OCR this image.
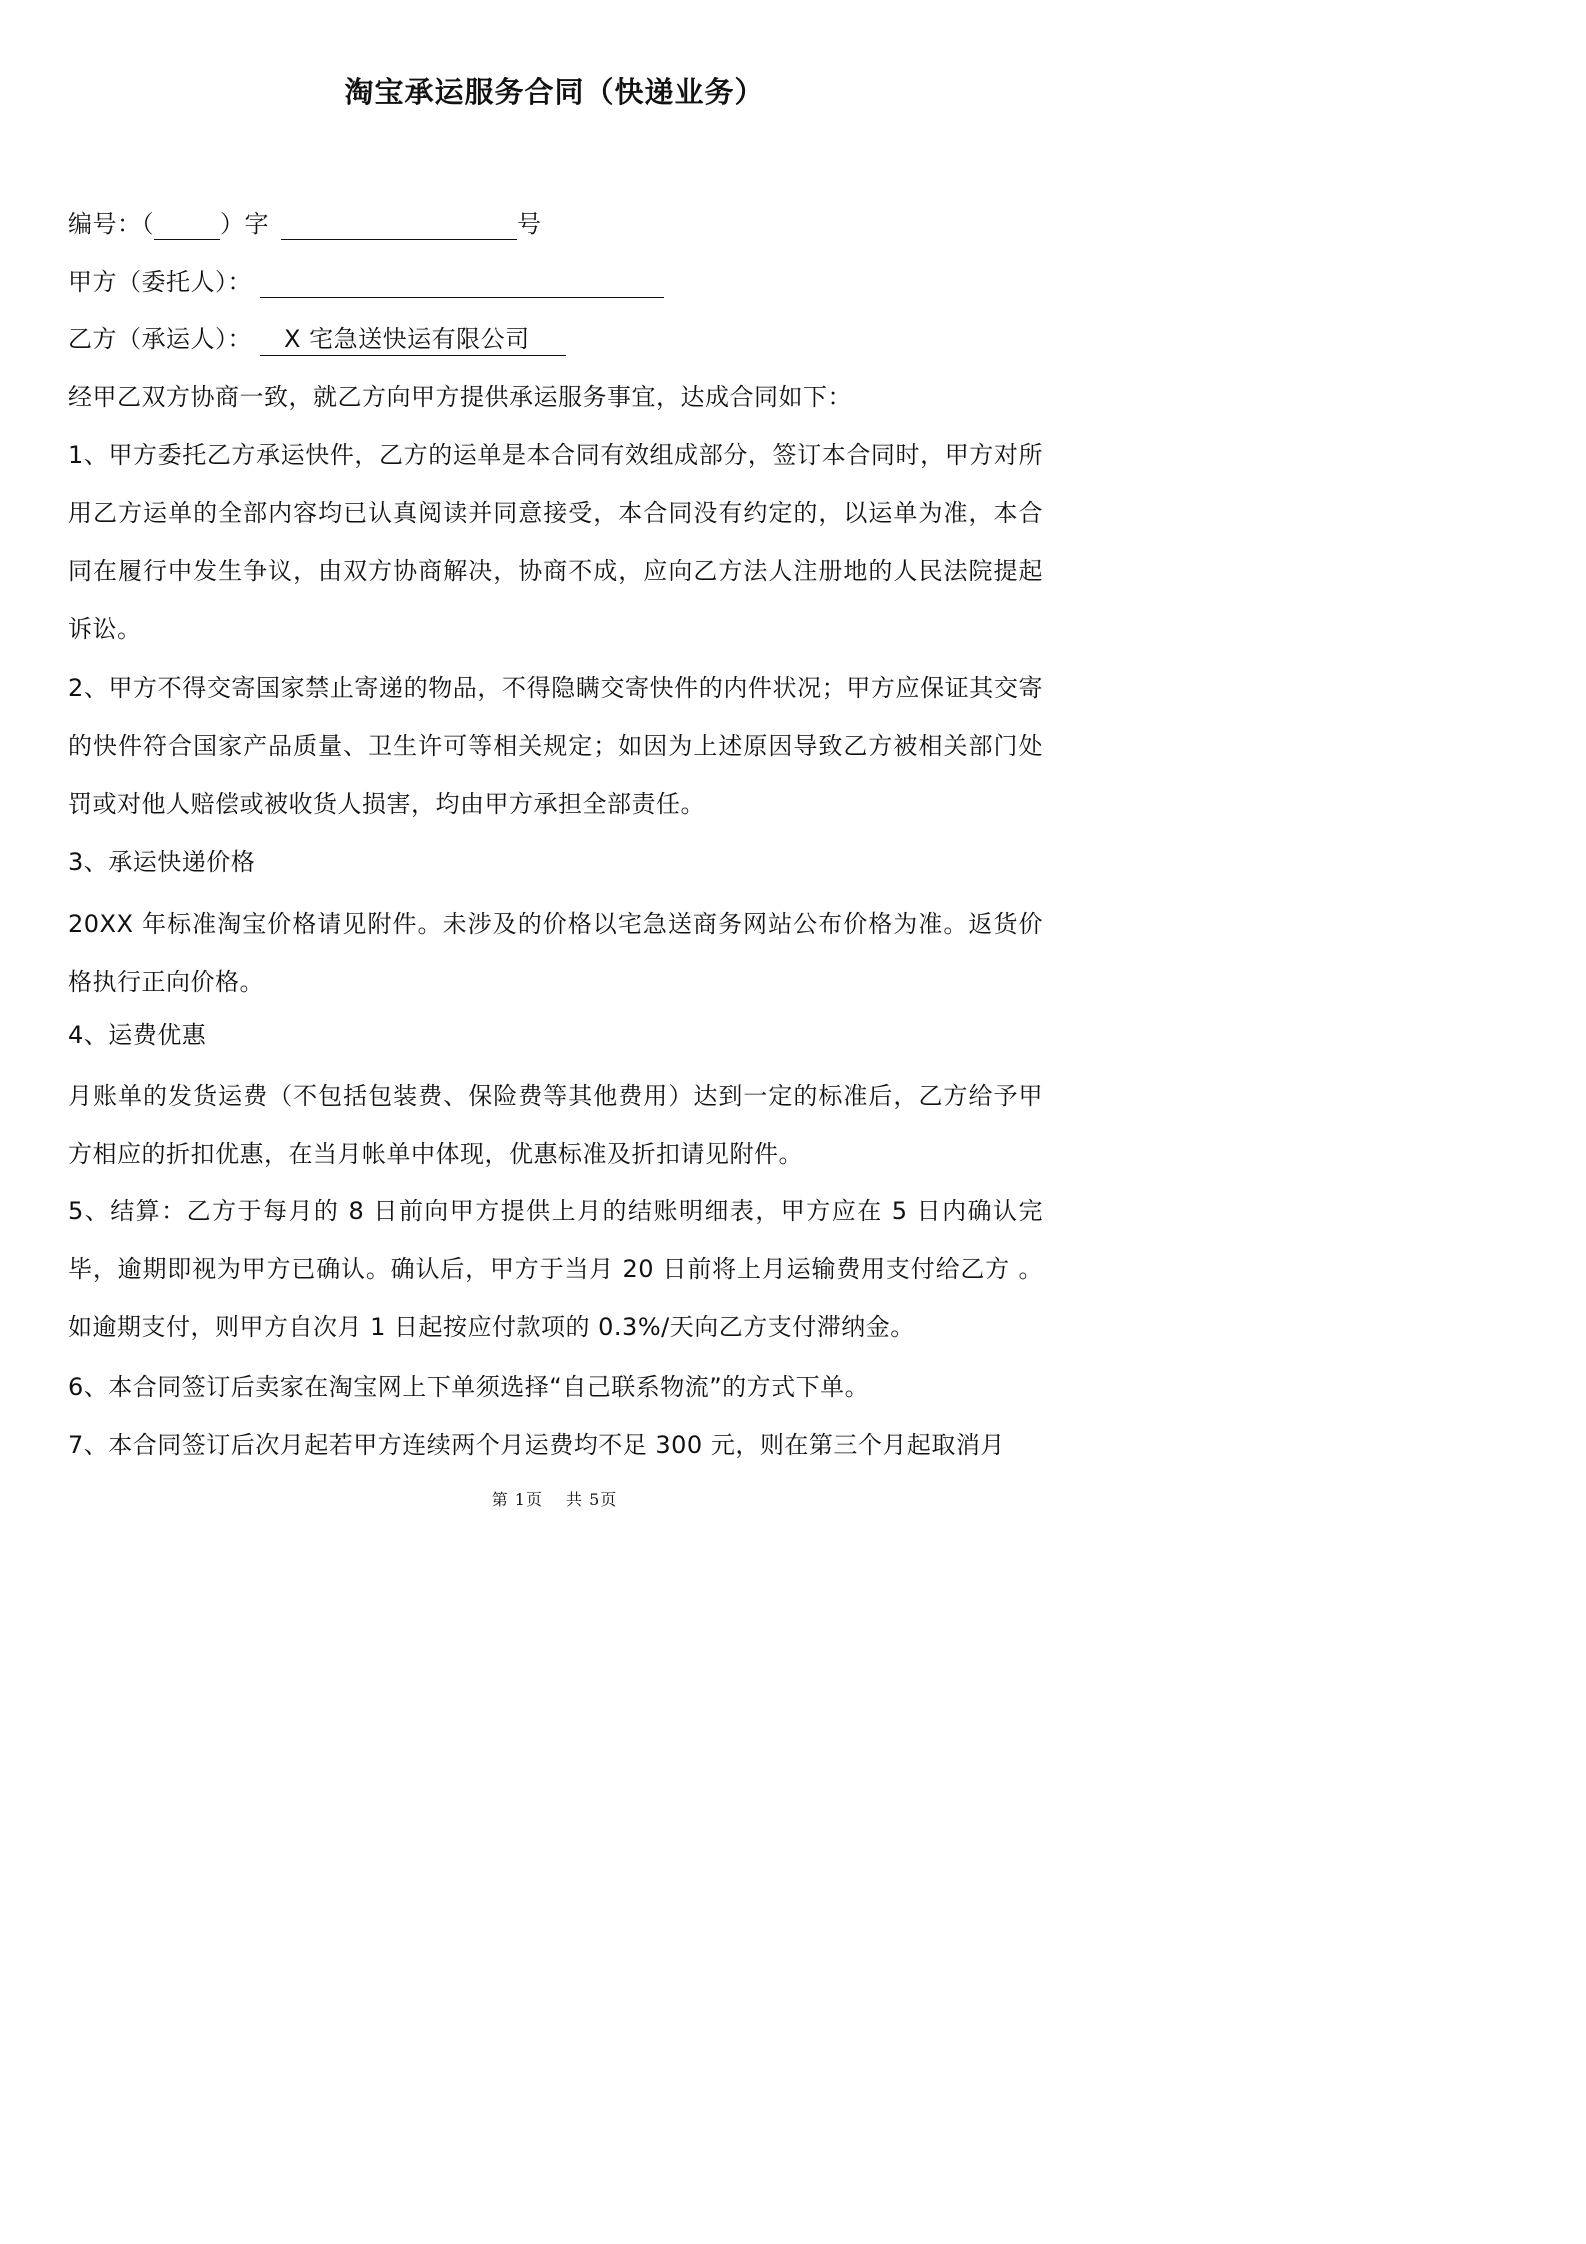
淘宝承运服务合同（快递业务）
编号：（	）字	号
甲方（委托人）：
乙方（承运人）： X 宅急送快运有限公司
经甲乙双方协商一致，就乙方向甲方提供承运服务事宜，达成合同如下：
1、甲方委托乙方承运快件，乙方的运单是本合同有效组成部分，签订本合同时，甲方对所用乙方运单的全部内容均已认真阅读并同意接受，本合同没有约定的，以运单为准，本合同在履行中发生争议，由双方协商解决，协商不成，应向乙方法人注册地的人民法院提起诉讼。
2、甲方不得交寄国家禁止寄递的物品，不得隐瞒交寄快件的内件状况；甲方应保证其交寄的快件符合国家产品质量、卫生许可等相关规定；如因为上述原因导致乙方被相关部门处罚或对他人赔偿或被收货人损害，均由甲方承担全部责任。
3、承运快递价格
20XX 年标准淘宝价格请见附件。未涉及的价格以宅急送商务网站公布价格为准。返货价格执行正向价格。
4、运费优惠
月账单的发货运费（不包括包装费、保险费等其他费用）达到一定的标准后，乙方给予甲方相应的折扣优惠，在当月帐单中体现，优惠标准及折扣请见附件。
5、结算：乙方于每月的 8 日前向甲方提供上月的结账明细表，甲方应在 5 日内确认完毕，逾期即视为甲方已确认。确认后，甲方于当月 20 日前将上月运输费用支付给乙方 。如逾期支付，则甲方自次月 1 日起按应付款项的 0.3%/天向乙方支付滞纳金。
6、本合同签订后卖家在淘宝网上下单须选择“自己联系物流”的方式下单。
7、本合同签订后次月起若甲方连续两个月运费均不足 300 元，则在第三个月起取消月
第 1页　 共 5页
